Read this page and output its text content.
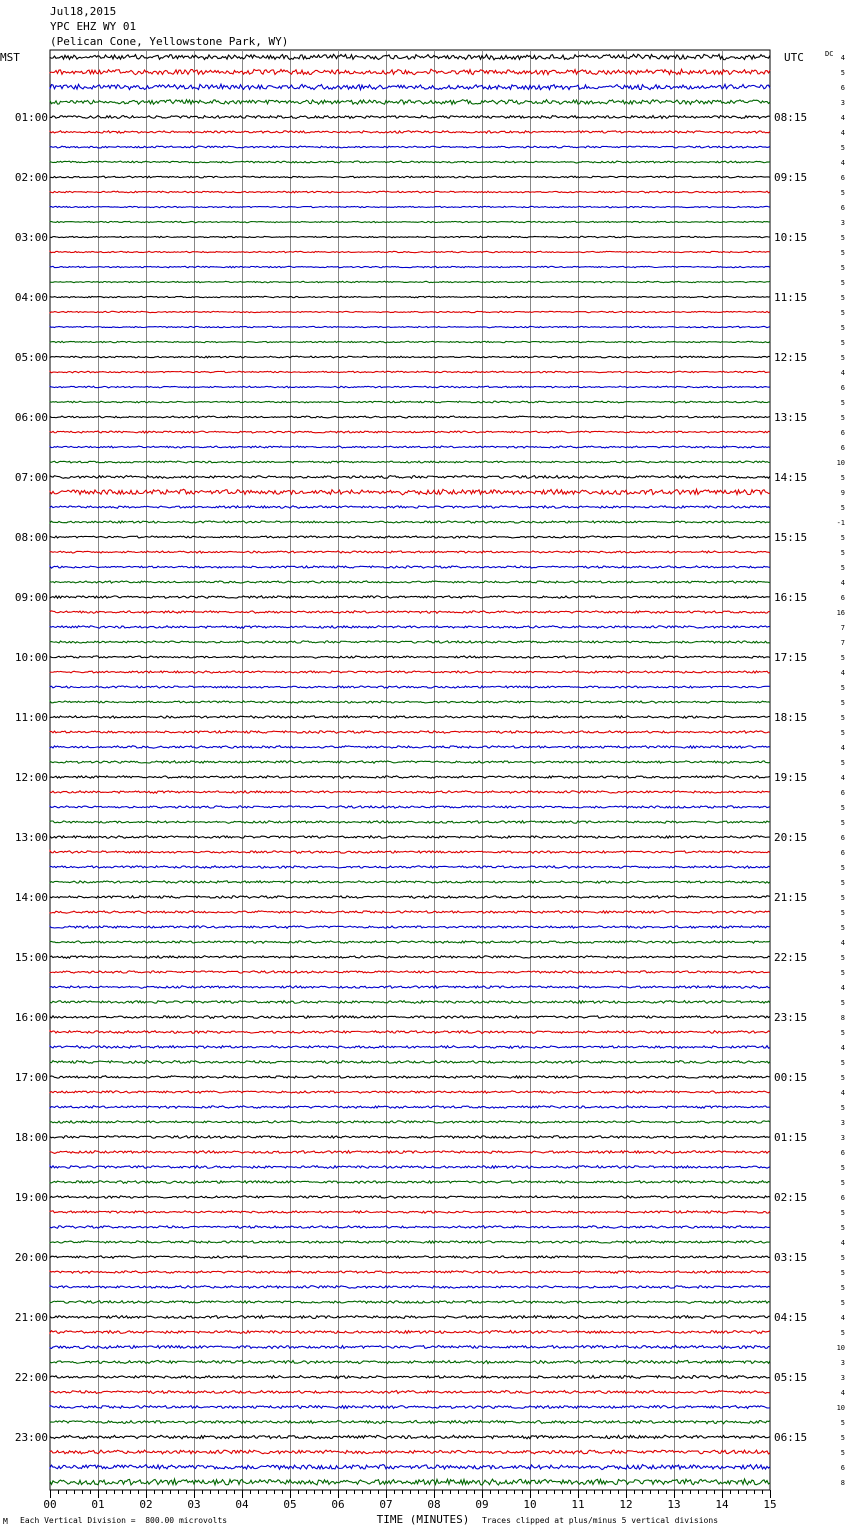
Jul18,2015
YPC EHZ WY 01
(Pelican Cone, Yellowstone Park, WY)
M Each Vertical Division =  800.00 microvolts	Traces clipped at plus/minus 5 vertical divisions
MST	UTC	DC
01:00
02:00
03:00
04:00
05:00
06:00
07:00
08:00
09:00
10:00
11:00
12:00
13:00
14:00
15:00
16:00
17:00
18:00
19:00
20:00
21:00
22:00
23:00
08:15
09:15
10:15
11:15
12:15
13:15
14:15
15:15
16:15
17:15
18:15
19:15
20:15
21:15
22:15
23:15
00:15
01:15
02:15
03:15
04:15
05:15
06:15
4
5
6
3
4
4
5
4
6
5
6
3
5
5
5
5
5
5
5
5
5
4
6
5
5
6
6
10
5
9
5
-1
5
5
5
4
6
16
7
7
5
4
5
5
5
5
4
5
4
6
5
5
6
6
5
5
5
5
5
4
5
5
4
5
8
5
4
5
5
4
5
3
3
6
5
5
6
5
5
4
5
5
5
5
4
5
10
3
3
4
10
5
5
5
6
8
00	01	02	03	04	05	06	07	08	09	10	11	12	13	14	15
TIME (MINUTES)
